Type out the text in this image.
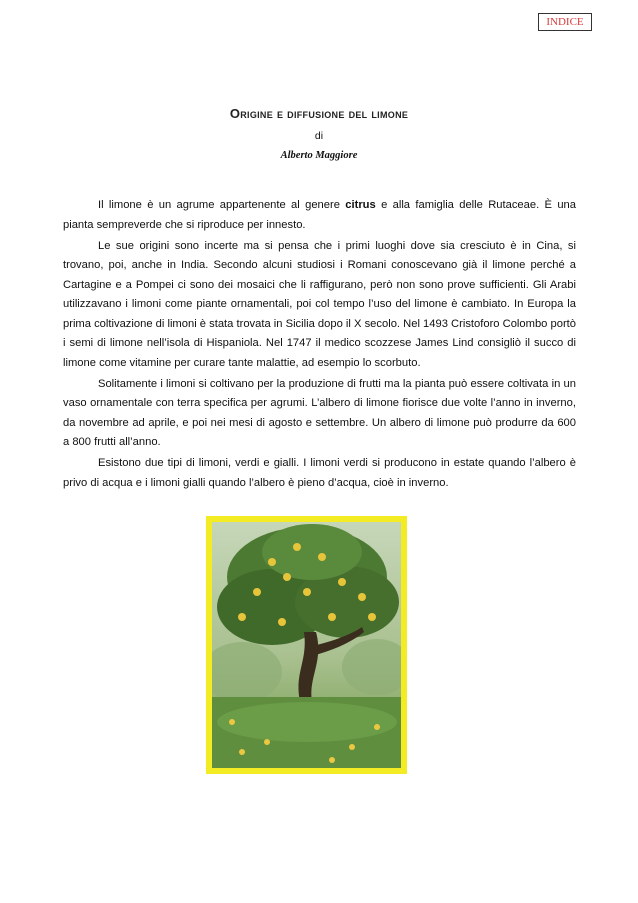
INDICE
Origine e diffusione del limone
di
Alberto Maggiore

Il limone è un agrume appartenente al genere citrus e alla famiglia delle Rutaceae. È una pianta sempreverde che si riproduce per innesto.

Le sue origini sono incerte ma si pensa che i primi luoghi dove sia cresciuto è in Cina, si trovano, poi, anche in India. Secondo alcuni studiosi i Romani conoscevano già il limone perché a Cartagine e a Pompei ci sono dei mosaici che li raffigurano, però non sono prove sufficienti. Gli Arabi utilizzavano i limoni come piante ornamentali, poi col tempo l’uso del limone è cambiato. In Europa la prima coltivazione di limoni è stata trovata in Sicilia dopo il X secolo. Nel 1493 Cristoforo Colombo portò i semi di limone nell’isola di Hispaniola. Nel 1747 il medico scozzese James Lind consigliò il succo di limone come vitamine per curare tante malattie, ad esempio lo scorbuto.

Solitamente i limoni si coltivano per la produzione di frutti ma la pianta può essere coltivata in un vaso ornamentale con terra specifica per agrumi. L’albero di limone fiorisce due volte l’anno in inverno, da novembre ad aprile, e poi nei mesi di agosto e settembre. Un albero di limone può produrre da 600 a 800 frutti all’anno.

Esistono due tipi di limoni, verdi e gialli. I limoni verdi si producono in estate quando l’albero è privo di acqua e i limoni gialli quando l’albero è pieno d’acqua, cioè in inverno.
